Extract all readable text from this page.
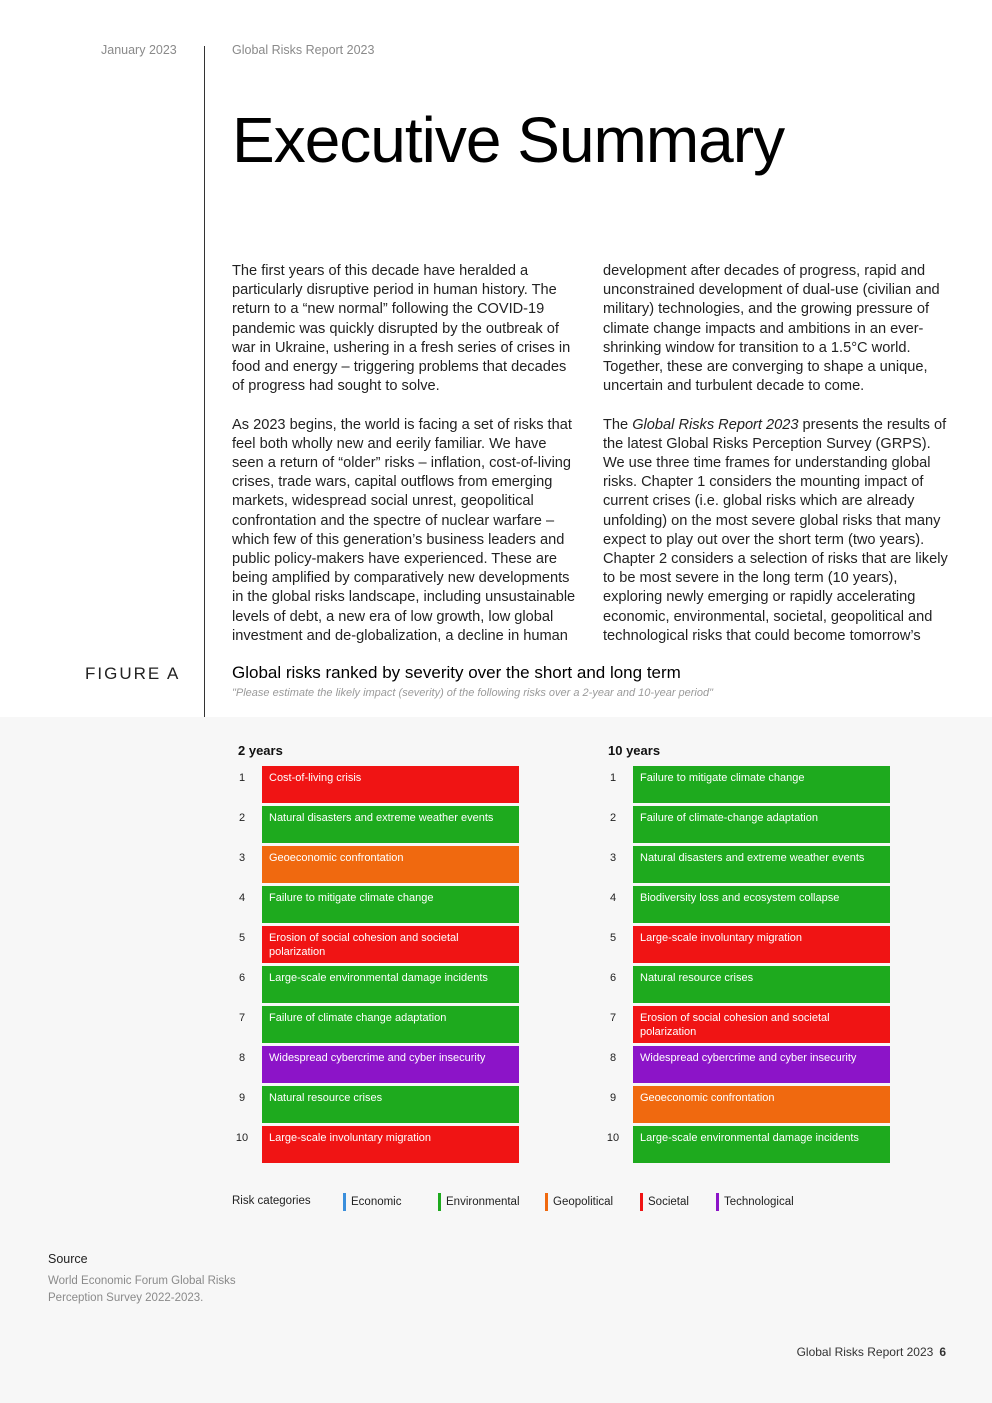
January 2023	Global Risks Report 2023
Executive Summary

The first years of this decade have heralded a particularly disruptive period in human history. The return to a “new normal” following the COVID-19 pandemic was quickly disrupted by the outbreak of war in Ukraine, ushering in a fresh series of crises in food and energy – triggering problems that decades of progress had sought to solve.

As 2023 begins, the world is facing a set of risks that feel both wholly new and eerily familiar. We have seen a return of “older” risks – inflation, cost-of-living crises, trade wars, capital outflows from emerging markets, widespread social unrest, geopolitical confrontation and the spectre of nuclear warfare – which few of this generation’s business leaders and public policy-makers have experienced. These are being amplified by comparatively new developments in the global risks landscape, including unsustainable levels of debt, a new era of low growth, low global investment and de-globalization, a decline in human

development after decades of progress, rapid and unconstrained development of dual-use (civilian and military) technologies, and the growing pressure of climate change impacts and ambitions in an ever-shrinking window for transition to a 1.5°C world. Together, these are converging to shape a unique, uncertain and turbulent decade to come.

The Global Risks Report 2023 presents the results of the latest Global Risks Perception Survey (GRPS). We use three time frames for understanding global risks. Chapter 1 considers the mounting impact of current crises (i.e. global risks which are already unfolding) on the most severe global risks that many expect to play out over the short term (two years). Chapter 2 considers a selection of risks that are likely to be most severe in the long term (10 years), exploring newly emerging or rapidly accelerating economic, environmental, societal, geopolitical and technological risks that could become tomorrow’s

FIGURE A	Global risks ranked by severity over the short and long term
"Please estimate the likely impact (severity) of the following risks over a 2-year and 10-year period"
2 years	10 years
1	Cost-of-living crisis
2	Natural disasters and extreme weather events
3	Geoeconomic confrontation
4	Failure to mitigate climate change
5	Erosion of social cohesion and societal polarization
6	Large-scale environmental damage incidents
7	Failure of climate change adaptation
8	Widespread cybercrime and cyber insecurity
9	Natural resource crises
10	Large-scale involuntary migration
1	Failure to mitigate climate change
2	Failure of climate-change adaptation
3	Natural disasters and extreme weather events
4	Biodiversity loss and ecosystem collapse
5	Large-scale involuntary migration
6	Natural resource crises
7	Erosion of social cohesion and societal polarization
8	Widespread cybercrime and cyber insecurity
9	Geoeconomic confrontation
10	Large-scale environmental damage incidents
Risk categories	Economic	Environmental	Geopolitical	Societal	Technological
Source
World Economic Forum Global Risks Perception Survey 2022-2023.
Global Risks Report 2023 6
